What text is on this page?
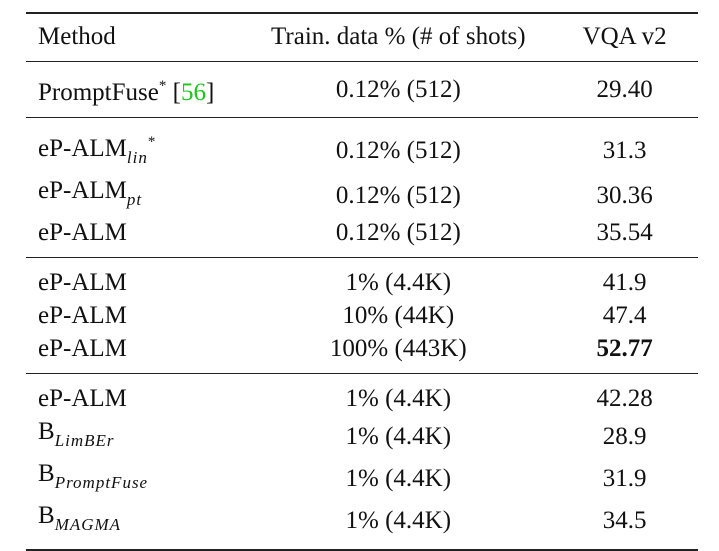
Method	Train. data % (# of shots)	VQA v2
PromptFuse* [56]	0.12% (512)	29.40
$eP-ALM_{lin}^*$	0.12% (512)	31.3
$eP-ALM_{pt}$	0.12% (512)	30.36
eP-ALM	0.12% (512)	35.54
eP-ALM	1% (4.4K)	41.9
eP-ALM	10% (44K)	47.4
eP-ALM	100% (443K)	52.77
eP-ALM	1% (4.4K)	42.28
$B_{LimBEr}$	1% (4.4K)	28.9
$B_{PromptFuse}$	1% (4.4K)	31.9
$B_{MAGMA}$	1% (4.4K)	34.5
